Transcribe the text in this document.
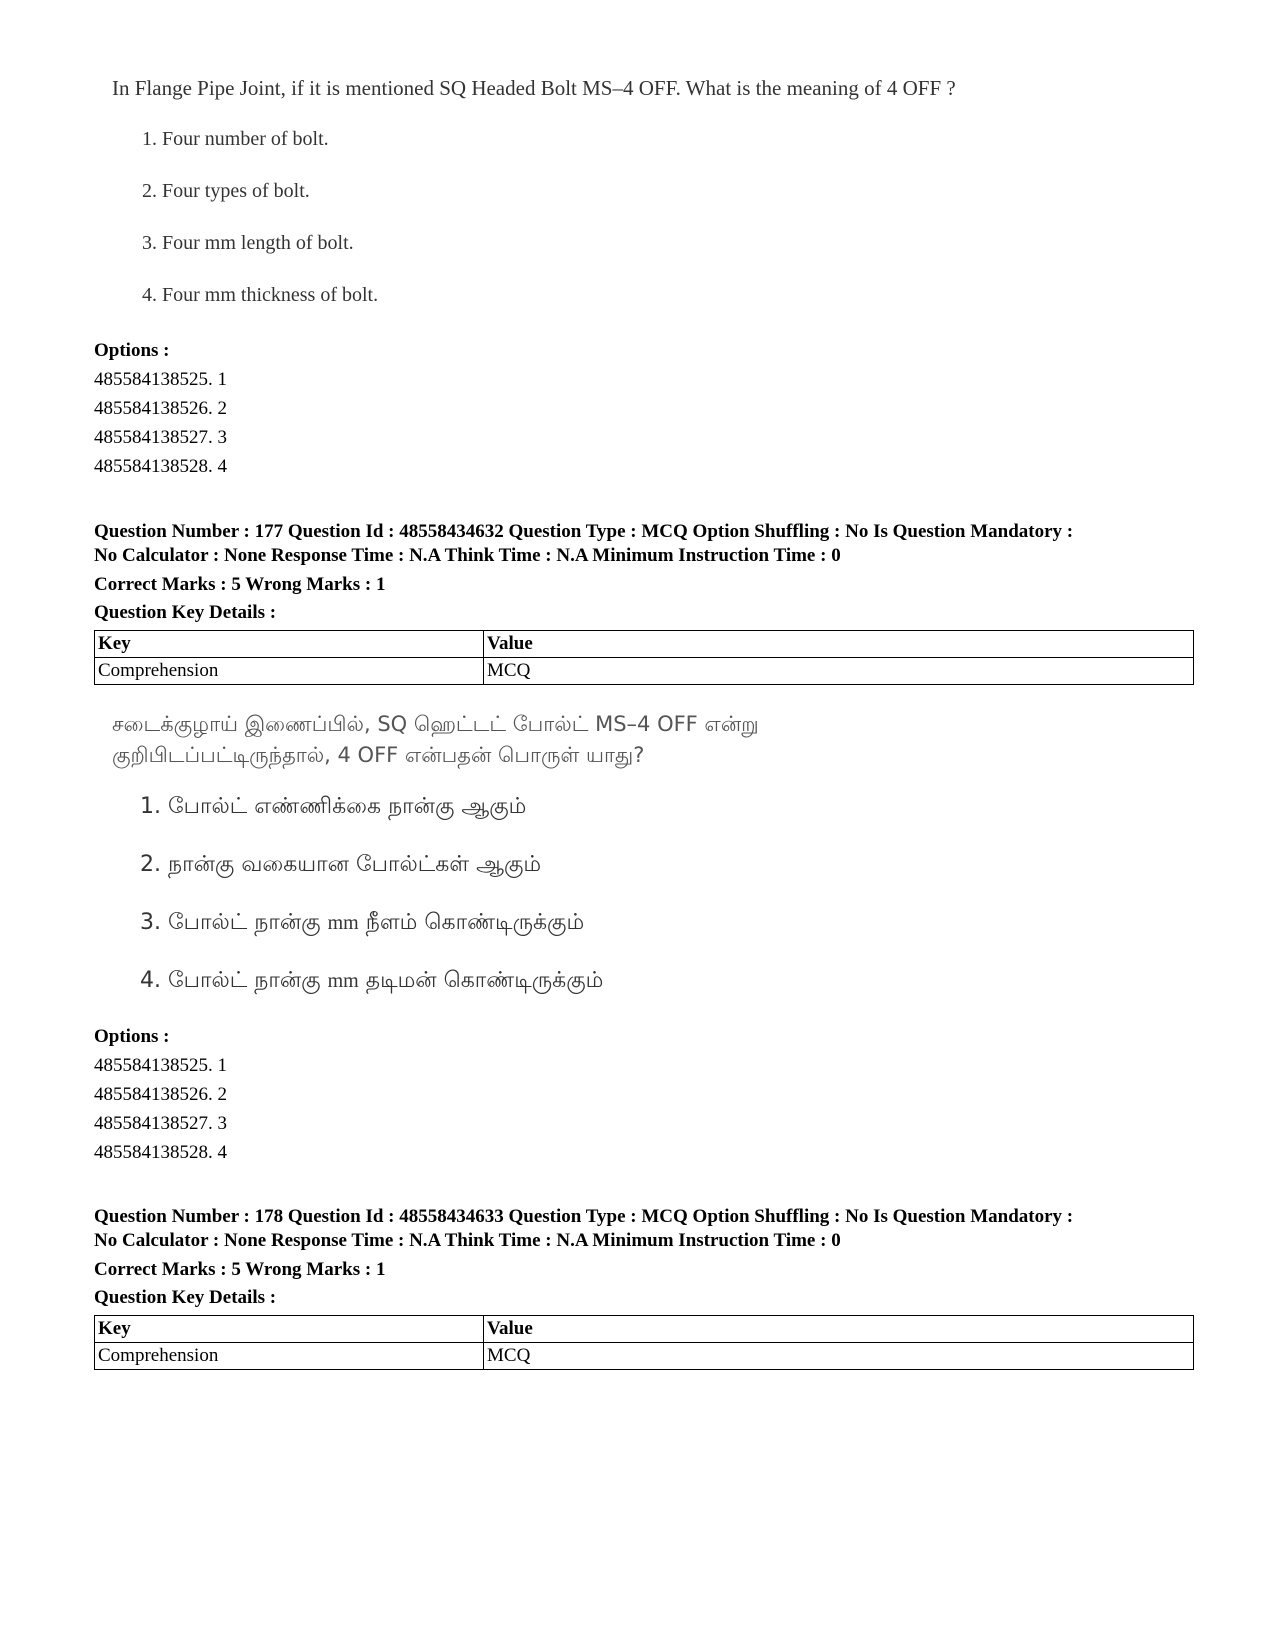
In Flange Pipe Joint, if it is mentioned SQ Headed Bolt MS–4 OFF. What is the meaning of 4 OFF ?
1. Four number of bolt.
2. Four types of bolt.
3. Four mm length of bolt.
4. Four mm thickness of bolt.
Options :
485584138525. 1
485584138526. 2
485584138527. 3
485584138528. 4
Question Number : 177 Question Id : 48558434632 Question Type : MCQ Option Shuffling : No Is Question Mandatory :
No Calculator : None Response Time : N.A Think Time : N.A Minimum Instruction Time : 0
Correct Marks : 5 Wrong Marks : 1
Question Key Details :
Key	Value
Comprehension	MCQ
சடைக்குழாய் இணைப்பில், SQ ஹெட்டட் போல்ட் MS–4 OFF என்று
குறிபிடப்பட்டிருந்தால், 4 OFF என்பதன் பொருள் யாது?
1. போல்ட் எண்ணிக்கை நான்கு ஆகும்
2. நான்கு வகையான போல்ட்கள் ஆகும்
3. போல்ட் நான்கு mm நீளம் கொண்டிருக்கும்
4. போல்ட் நான்கு mm தடிமன் கொண்டிருக்கும்
Options :
485584138525. 1
485584138526. 2
485584138527. 3
485584138528. 4
Question Number : 178 Question Id : 48558434633 Question Type : MCQ Option Shuffling : No Is Question Mandatory :
No Calculator : None Response Time : N.A Think Time : N.A Minimum Instruction Time : 0
Correct Marks : 5 Wrong Marks : 1
Question Key Details :
Key	Value
Comprehension	MCQ
